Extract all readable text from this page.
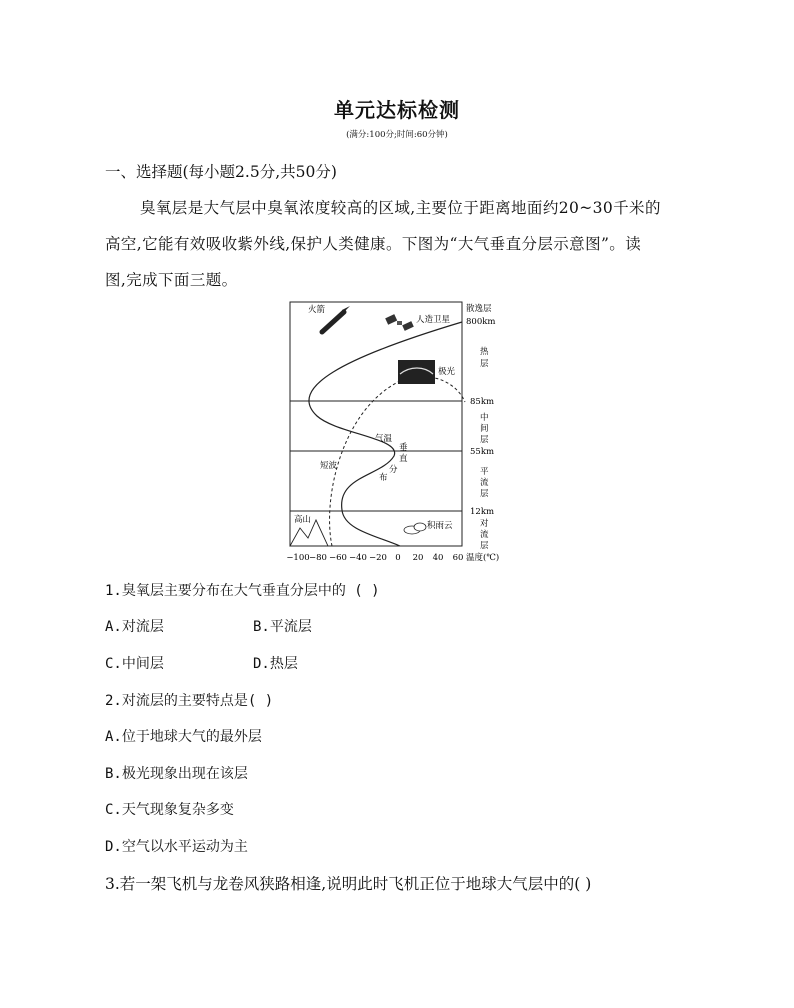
单元达标检测
(满分:100分;时间:60分钟)
一、选择题(每小题2.5分,共50分)
臭氧层是大气层中臭氧浓度较高的区域,主要位于距离地面约20~30千米的
高空,它能有效吸收紫外线,保护人类健康。下图为“大气垂直分层示意图”。读
图,完成下面三题。
火箭
人造卫星
极光
短波
气温
垂
直
分
布
高山
积雨云
散逸层
800km
热
层
85km
中
间
层
55km
平
流
层
12km
对
流
层
−100 −80 −60 −40 −20 0 20 40 60 温度(℃)
1.臭氧层主要分布在大气垂直分层中的 ( )
A.对流层	B.平流层
C.中间层	D.热层
2.对流层的主要特点是( )
A.位于地球大气的最外层
B.极光现象出现在该层
C.天气现象复杂多变
D.空气以水平运动为主
3.若一架飞机与龙卷风狭路相逢,说明此时飞机正位于地球大气层中的( )
